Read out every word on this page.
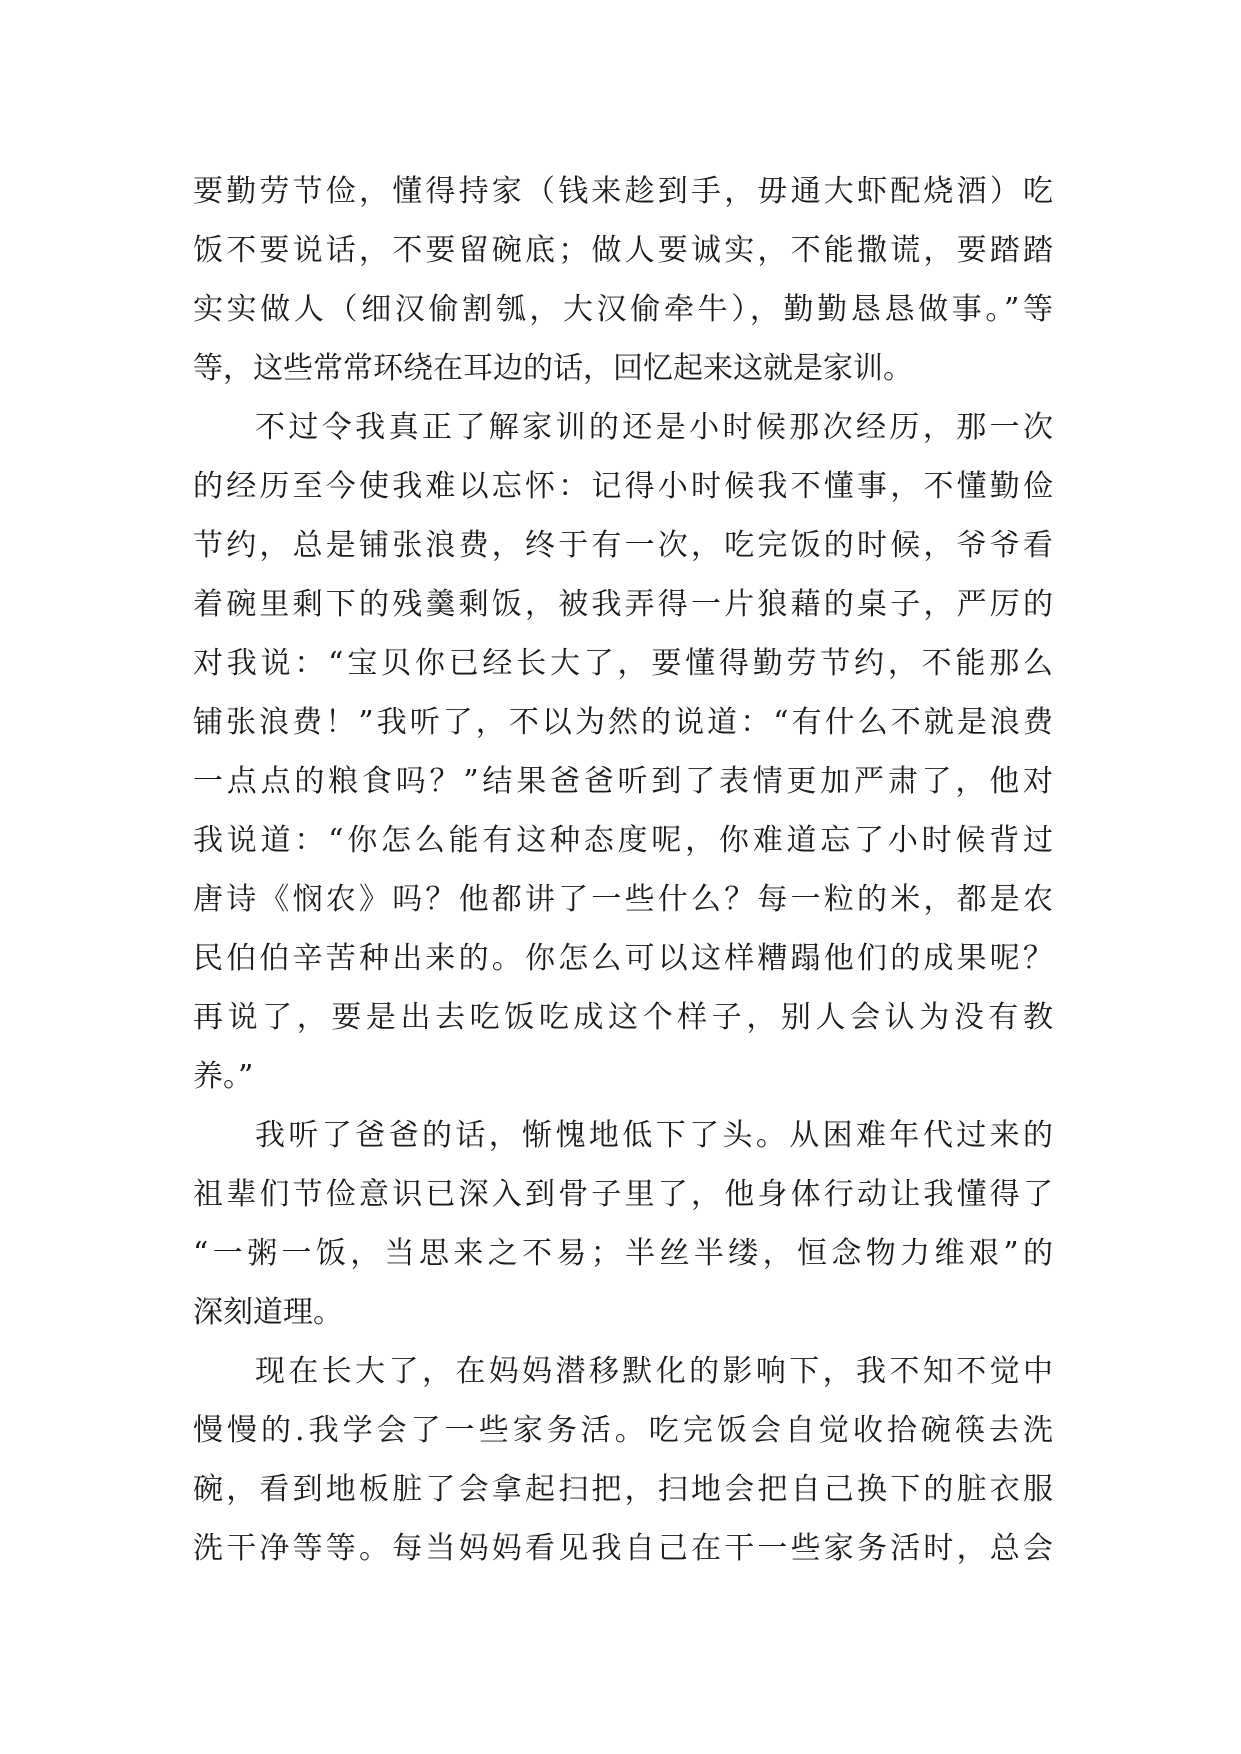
要勤劳节俭，懂得持家（钱来趁到手，毋通大虾配烧酒）吃
饭不要说话，不要留碗底；做人要诚实，不能撒谎，要踏踏
实实做人（细汉偷割瓠，大汉偷牵牛），勤勤恳恳做事。”等
等，这些常常环绕在耳边的话，回忆起来这就是家训。
不过令我真正了解家训的还是小时候那次经历，那一次
的经历至今使我难以忘怀：记得小时候我不懂事，不懂勤俭
节约，总是铺张浪费，终于有一次，吃完饭的时候，爷爷看
着碗里剩下的残羹剩饭，被我弄得一片狼藉的桌子，严厉的
对我说：“宝贝你已经长大了，要懂得勤劳节约，不能那么
铺张浪费！”我听了，不以为然的说道：“有什么不就是浪费
一点点的粮食吗？”结果爸爸听到了表情更加严肃了，他对
我说道：“你怎么能有这种态度呢，你难道忘了小时候背过
唐诗《悯农》吗？他都讲了一些什么？每一粒的米，都是农
民伯伯辛苦种出来的。你怎么可以这样糟蹋他们的成果呢？
再说了，要是出去吃饭吃成这个样子，别人会认为没有教
养。”
我听了爸爸的话，惭愧地低下了头。从困难年代过来的
祖辈们节俭意识已深入到骨子里了，他身体行动让我懂得了
“一粥一饭，当思来之不易；半丝半缕，恒念物力维艰”的
深刻道理。
现在长大了，在妈妈潜移默化的影响下，我不知不觉中
慢慢的.我学会了一些家务活。吃完饭会自觉收拾碗筷去洗
碗，看到地板脏了会拿起扫把，扫地会把自己换下的脏衣服
洗干净等等。每当妈妈看见我自己在干一些家务活时，总会
